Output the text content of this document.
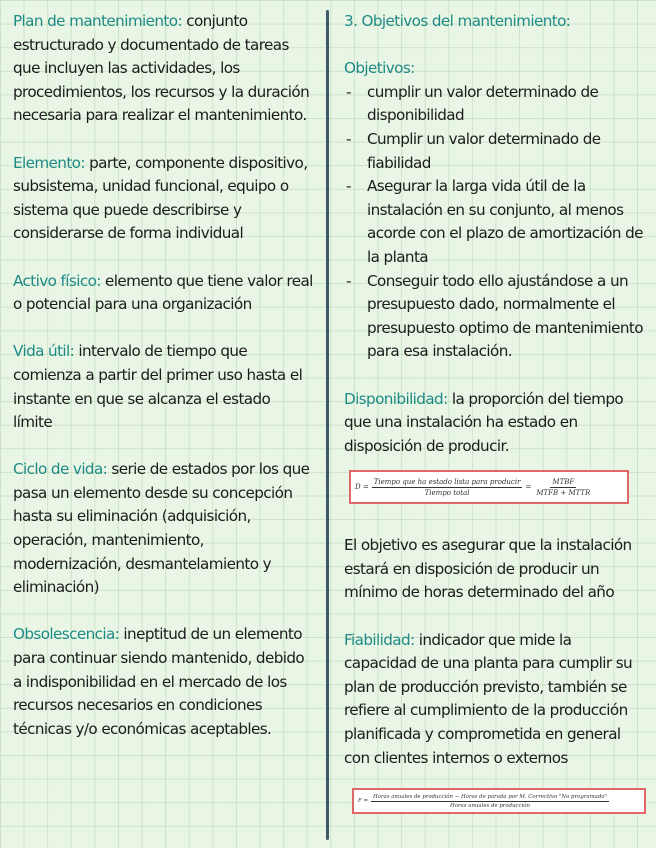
Plan de mantenimiento: conjunto estructurado y documentado de tareas que incluyen las actividades, los procedimientos, los recursos y la duración necesaria para realizar el mantenimiento.

Elemento: parte, componente dispositivo, subsistema, unidad funcional, equipo o sistema que puede describirse y considerarse de forma individual

Activo físico: elemento que tiene valor real o potencial para una organización

Vida útil: intervalo de tiempo que comienza a partir del primer uso hasta el instante en que se alcanza el estado límite

Ciclo de vida: serie de estados por los que pasa un elemento desde su concepción hasta su eliminación (adquisición, operación, mantenimiento, modernización, desmantelamiento y eliminación)

Obsolescencia: ineptitud de un elemento para continuar siendo mantenido, debido a indisponibilidad en el mercado de los recursos necesarios en condiciones técnicas y/o económicas aceptables.

3. Objetivos del mantenimiento:

Objetivos:
- cumplir un valor determinado de disponibilidad
- Cumplir un valor determinado de fiabilidad
- Asegurar la larga vida útil de la instalación en su conjunto, al menos acorde con el plazo de amortización de la planta
- Conseguir todo ello ajustándose a un presupuesto dado, normalmente el presupuesto optimo de mantenimiento para esa instalación.

Disponibilidad: la proporción del tiempo que una instalación ha estado en disposición de producir.

$D = \frac{\text{Tiempo que ha estado lista para producir}}{\text{Tiempo total}} = \frac{\text{MTBF}}{\text{MTFB + MTTR}}$

El objetivo es asegurar que la instalación estará en disposición de producir un mínimo de horas determinado del año

Fiabilidad: indicador que mide la capacidad de una planta para cumplir su plan de producción previsto, también se refiere al cumplimiento de la producción planificada y comprometida en general con clientes internos o externos

F =
Horas anuales de producción − Horas de parada por M. Correctivo "No programado"
Horas anuales de producción
